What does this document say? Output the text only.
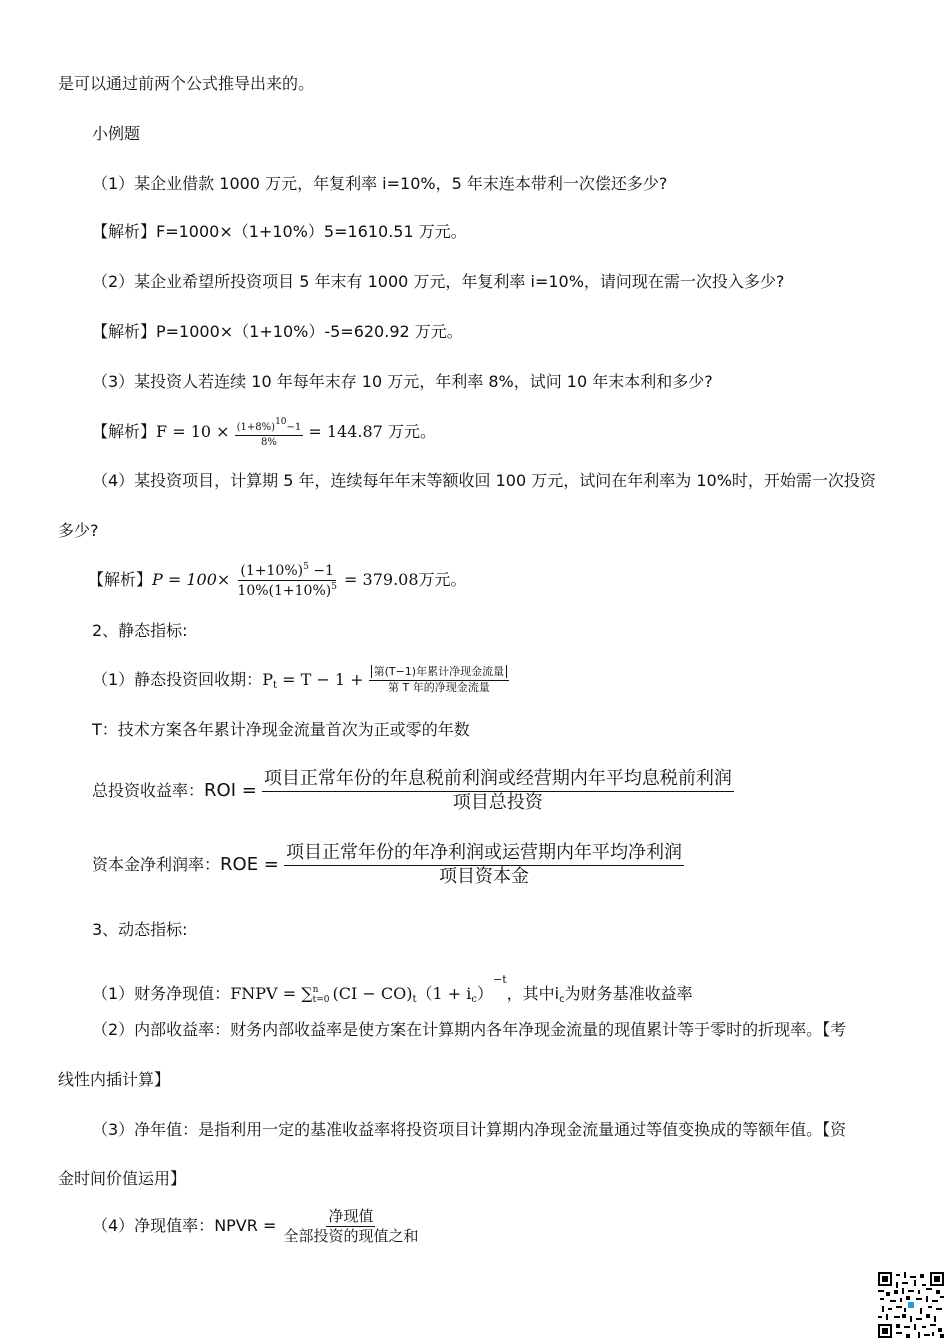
是可以通过前两个公式推导出来的。
小例题
（1）某企业借款 1000 万元，年复利率 i=10%，5 年末连本带利一次偿还多少?
【解析】F=1000×（1+10%）5=1610.51 万元。
（2）某企业希望所投资项目 5 年末有 1000 万元，年复利率 i=10%，请问现在需一次投入多少?
【解析】P=1000×（1+10%）-5=620.92 万元。
（3）某投资人若连续 10 年每年末存 10 万元，年利率 8%，试问 10 年末本利和多少?
【解析】$F = 10 \times \frac{(1+8\%)10-1}{8\%} = 144.87$ 万元。
（4）某投资项目，计算期 5 年，连续每年年末等额收回 100 万元，试问在年利率为 10%时，开始需一次投资
多少?
【解析】$P = 100\times \frac{(1+10\%)^5 -1}{10\%(1+10\%)^5} = 379.08$万元。
2、静态指标:
（1）静态投资回收期：$P_t = T - 1 + \frac{\text{第(T−1)年累计净现金流量}}{\text{第 T 年的净现金流量}}$
T：技术方案各年累计净现金流量首次为正或零的年数
总投资收益率：ROI = $\frac{\text{项目正常年份的年息税前利润或经营期内年平均息税前利润}}{\text{项目总投资}}$
资本金净利润率：ROE = $\frac{\text{项目正常年份的年净利润或运营期内年平均净利润}}{\text{项目资本金}}$
3、动态指标:
（1）财务净现值：FNPV = ∑ n
t=0 $(CI - CO)_t(1 + i_c)^{-t}$，其中$i_c$为财务基准收益率
（2）内部收益率：财务内部收益率是使方案在计算期内各年净现金流量的现值累计等于零时的折现率。【考
线性内插计算】
（3）净年值：是指利用一定的基准收益率将投资项目计算期内净现金流量通过等值变换成的等额年值。【资
金时间价值运用】
（4）净现值率：NPVR = $\frac{\text{净现值}}{\text{全部投资的现值之和}}$
